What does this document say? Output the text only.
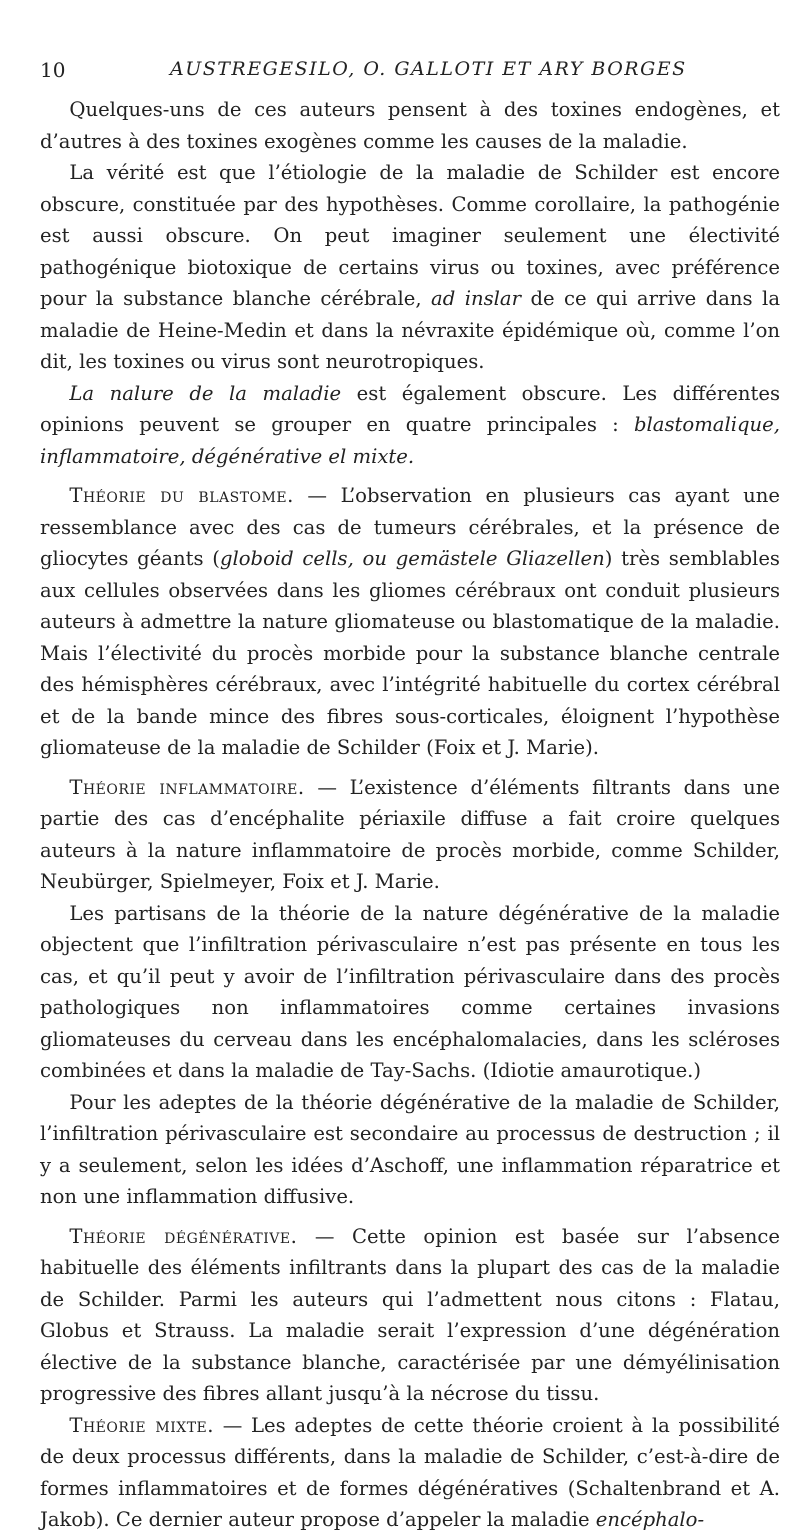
10	AUSTREGESILO, O. GALLOTI ET ARY BORGES

Quelques-uns de ces auteurs pensent à des toxines endogènes, et d’autres à des toxines exogènes comme les causes de la maladie.

La vérité est que l’étiologie de la maladie de Schilder est encore obscure, constituée par des hypothèses. Comme corollaire, la pathogénie est aussi obscure. On peut imaginer seulement une électivité pathogénique biotoxique de certains virus ou toxines, avec préférence pour la substance blanche cérébrale, ad inslar de ce qui arrive dans la maladie de Heine-Medin et dans la névraxite épidémique où, comme l’on dit, les toxines ou virus sont neurotropiques.

La nalure de la maladie est également obscure. Les différentes opinions peuvent se grouper en quatre principales : blastomalique, inflammatoire, dégénérative el mixte.

Théorie du blastome. — L’observation en plusieurs cas ayant une ressemblance avec des cas de tumeurs cérébrales, et la présence de gliocytes géants (globoid cells, ou gemästele Gliazellen) très semblables aux cellules observées dans les gliomes cérébraux ont conduit plusieurs auteurs à admettre la nature gliomateuse ou blastomatique de la maladie. Mais l’électivité du procès morbide pour la substance blanche centrale des hémisphères cérébraux, avec l’intégrité habituelle du cortex cérébral et de la bande mince des fibres sous-corticales, éloignent l’hypothèse gliomateuse de la maladie de Schilder (Foix et J. Marie).

Théorie inflammatoire. — L’existence d’éléments filtrants dans une partie des cas d’encéphalite périaxile diffuse a fait croire quelques auteurs à la nature inflammatoire de procès morbide, comme Schilder, Neubürger, Spielmeyer, Foix et J. Marie.

Les partisans de la théorie de la nature dégénérative de la maladie objectent que l’infiltration périvasculaire n’est pas présente en tous les cas, et qu’il peut y avoir de l’infiltration périvasculaire dans des procès pathologiques non inflammatoires comme certaines invasions gliomateuses du cerveau dans les encéphalomalacies, dans les scléroses combinées et dans la maladie de Tay-Sachs. (Idiotie amaurotique.)

Pour les adeptes de la théorie dégénérative de la maladie de Schilder, l’infiltration périvasculaire est secondaire au processus de destruction ; il y a seulement, selon les idées d’Aschoff, une inflammation réparatrice et non une inflammation diffusive.

Théorie dégénérative. — Cette opinion est basée sur l’absence habituelle des éléments infiltrants dans la plupart des cas de la maladie de Schilder. Parmi les auteurs qui l’admettent nous citons : Flatau, Globus et Strauss. La maladie serait l’expression d’une dégénération élective de la substance blanche, caractérisée par une démyélinisation progressive des fibres allant jusqu’à la nécrose du tissu.

Théorie mixte. — Les adeptes de cette théorie croient à la possibilité de deux processus différents, dans la maladie de Schilder, c’est-à-dire de formes inflammatoires et de formes dégénératives (Schaltenbrand et A. Jakob). Ce dernier auteur propose d’appeler la maladie encéphalo-
